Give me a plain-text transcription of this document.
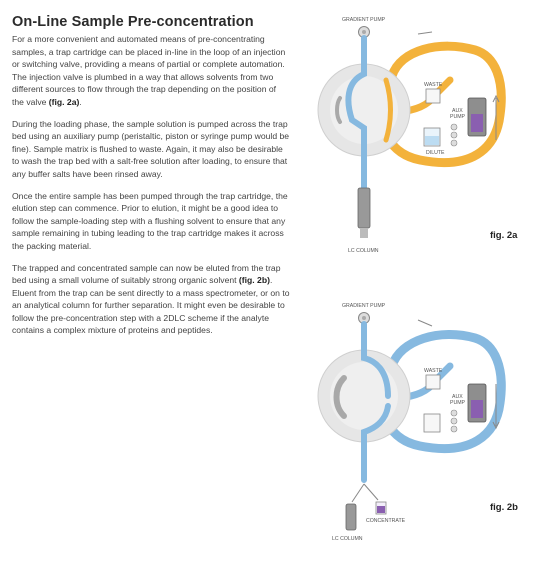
On-Line Sample Pre-concentration

For a more convenient and automated means of pre-concentrating samples, a trap cartridge can be placed in-line in the loop of an injection or switching valve, providing a means of partial or complete automation. The injection valve is plumbed in a way that allows solvents from two different sources to flow through the trap depending on the position of the valve (fig. 2a).

During the loading phase, the sample solution is pumped across the trap bed using an auxiliary pump (peristaltic, piston or syringe pump would be fine). Sample matrix is flushed to waste. Again, it may also be desirable to wash the trap bed with a salt-free solution after loading, to ensure that any buffer salts have been rinsed away.

Once the entire sample has been pumped through the trap cartridge, the elution step can commence. Prior to elution, it might be a good idea to follow the sample-loading step with a flushing solvent to ensure that any sample remaining in tubing leading to the trap cartridge makes it across the packing material.

The trapped and concentrated sample can now be eluted from the trap bed using a small volume of suitably strong organic solvent (fig. 2b). Eluent from the trap can be sent directly to a mass spectrometer, or on to an analytical column for further separation. It might even be desirable to follow the pre-concentration step with a 2DLC scheme if the analyte contains a complex mixture of proteins and peptides.

GRADIENT PUMP
LC COLUMN
WASTE
DILUTE
AUX
PUMP
fig. 2a
GRADIENT PUMP
LC COLUMN
CONCENTRATE
WASTE
AUX
PUMP
fig. 2b
